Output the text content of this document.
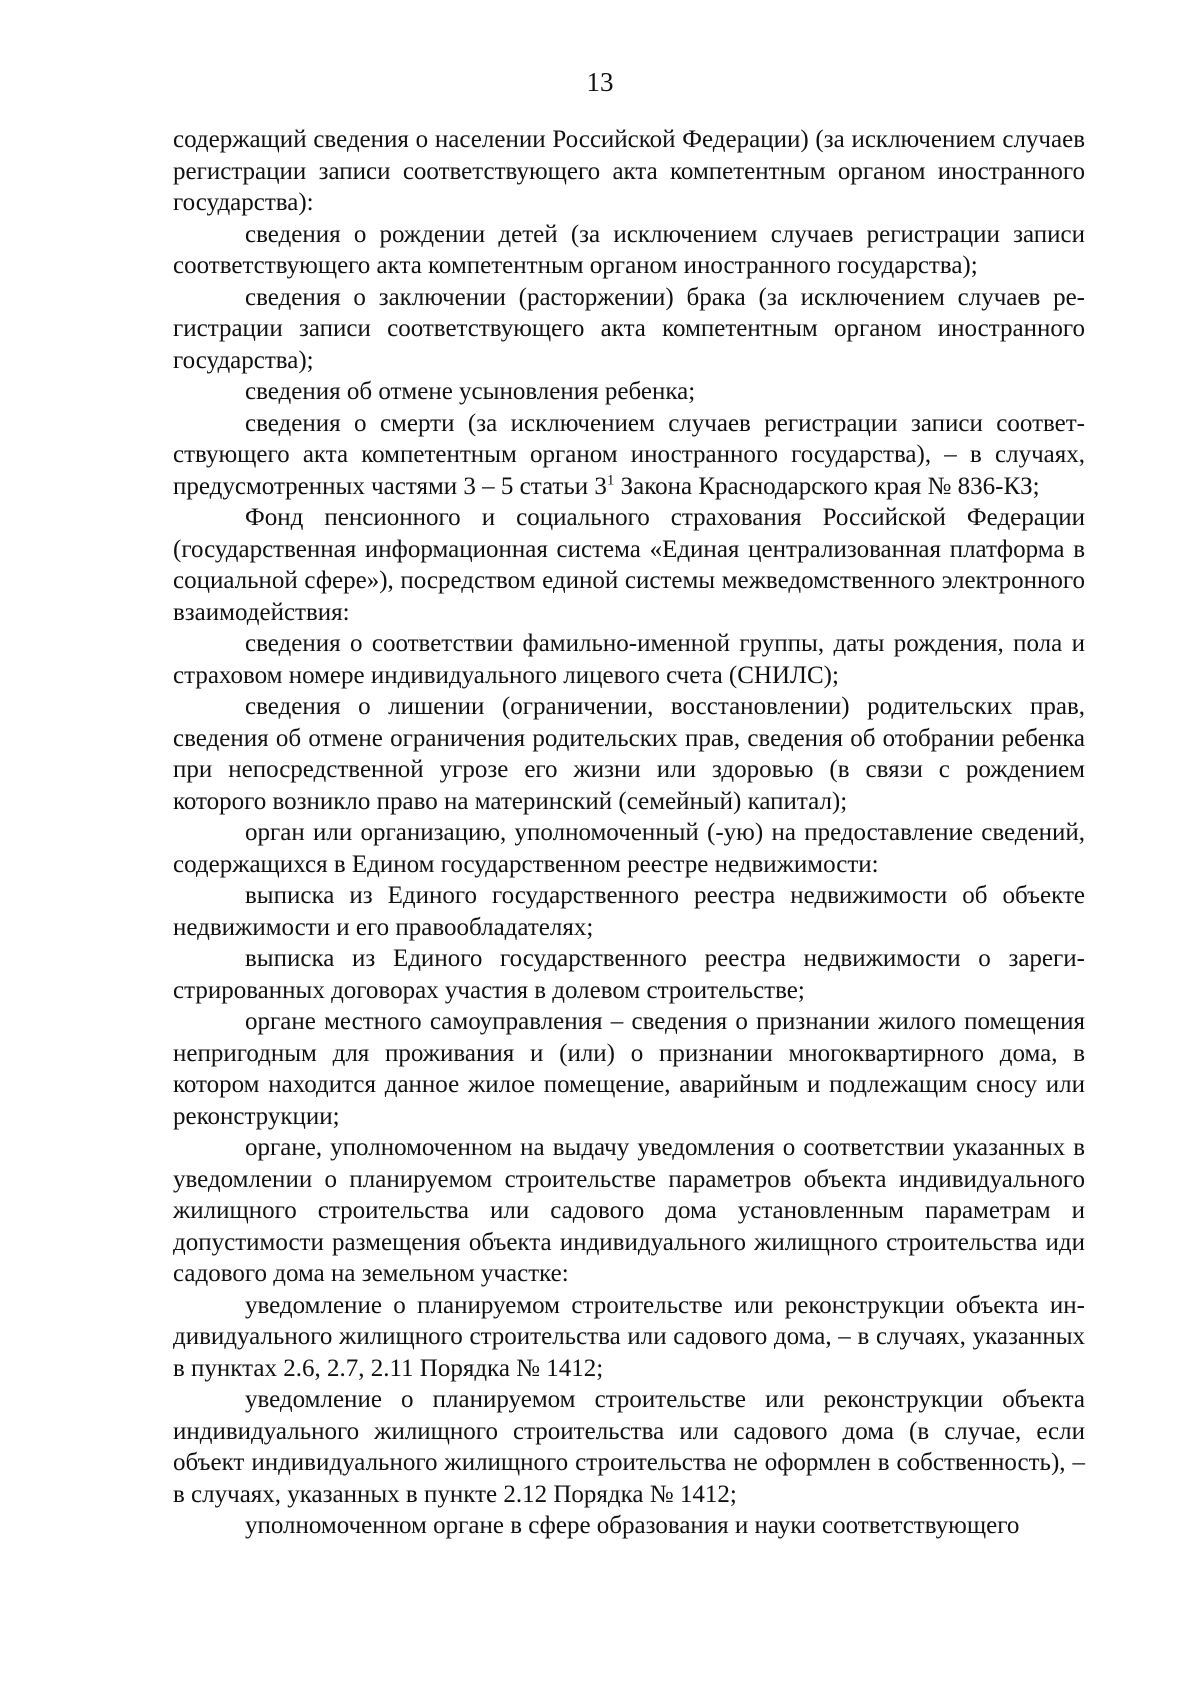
13

содержащий сведения о населении Российской Федерации) (за исключением случаев регистрации записи соответствующего акта компетентным органом иностранного государства):

сведения о рождении детей (за исключением случаев регистрации записи соответствующего акта компетентным органом иностранного государства);

сведения о заключении (расторжении) брака (за исключением случаев регистрации записи соответствующего акта компетентным органом иностранного государства);

сведения об отмене усыновления ребенка;

сведения о смерти (за исключением случаев регистрации записи соответствующего акта компетентным органом иностранного государства), – в случаях, предусмотренных частями 3 – 5 статьи $3^1$ Закона Краснодарского края № 836-КЗ;

Фонд пенсионного и социального страхования Российской Федерации (государственная информационная система «Единая централизованная платформа в социальной сфере»), посредством единой системы межведомственного электронного взаимодействия:

сведения о соответствии фамильно-именной группы, даты рождения, пола и страховом номере индивидуального лицевого счета (СНИЛС);

сведения о лишении (ограничении, восстановлении) родительских прав, сведения об отмене ограничения родительских прав, сведения об отобрании ребенка при непосредственной угрозе его жизни или здоровью (в связи с рождением которого возникло право на материнский (семейный) капитал);

орган или организацию, уполномоченный (-ую) на предоставление сведений, содержащихся в Едином государственном реестре недвижимости:

выписка из Единого государственного реестра недвижимости об объекте недвижимости и его правообладателях;

выписка из Единого государственного реестра недвижимости о зарегистрированных договорах участия в долевом строительстве;

органе местного самоуправления – сведения о признании жилого помещения непригодным для проживания и (или) о признании многоквартирного дома, в котором находится данное жилое помещение, аварийным и подлежащим сносу или реконструкции;

органе, уполномоченном на выдачу уведомления о соответствии указанных в уведомлении о планируемом строительстве параметров объекта индивидуального жилищного строительства или садового дома установленным параметрам и допустимости размещения объекта индивидуального жилищного строительства иди садового дома на земельном участке:

уведомление о планируемом строительстве или реконструкции объекта индивидуального жилищного строительства или садового дома, – в случаях, указанных в пунктах 2.6, 2.7, 2.11 Порядка № 1412;

уведомление о планируемом строительстве или реконструкции объекта индивидуального жилищного строительства или садового дома (в случае, если объект индивидуального жилищного строительства не оформлен в собственность), – в случаях, указанных в пункте 2.12 Порядка № 1412;

уполномоченном органе в сфере образования и науки соответствующего
